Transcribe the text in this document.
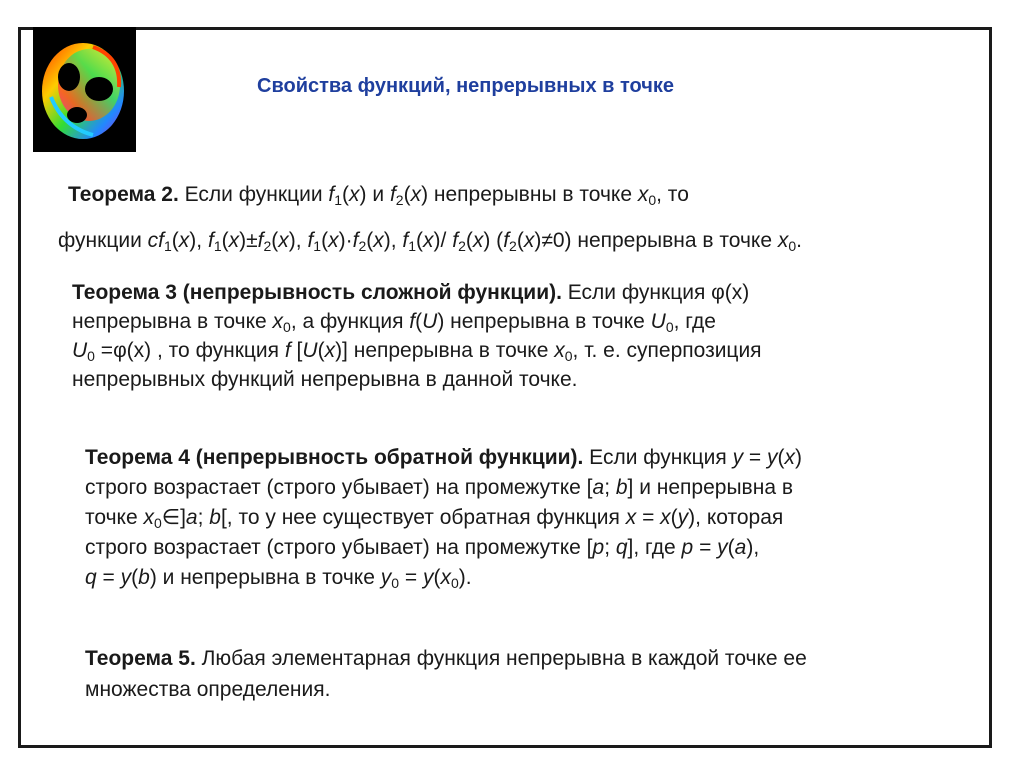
Свойства функций, непрерывных в точке
Теорема 2. Если функции $f_1(x)$ и $f_2(x)$ непрерывны в точке $x_0$, то
функции $cf_1(x)$, $f_1(x)\pm f_2(x)$, $f_1(x)\cdot f_2(x)$, $f_1(x)/$ $f_2(x)$ $(f_2(x)\ne 0)$ непрерывна в точке $x_0$.
Теорема 3 (непрерывность сложной функции). Если функция φ(x)
непрерывна в точке $x_0$, а функция f(U) непрерывна в точке $U_0$, где
$U_0 =\varphi(x)$ , то функция f [U(x)] непрерывна в точке $x_0$, т. е. суперпозиция
непрерывных функций непрерывна в данной точке.
Теорема 4 (непрерывность обратной функции). Если функция y = y(x)
строго возрастает (строго убывает) на промежутке [a; b] и непрерывна в
точке $x_0\in]a$; b[, то у нее существует обратная функция x = x(y), которая
строго возрастает (строго убывает) на промежутке [p; q], где p = y(a),
q = y(b) и непрерывна в точке $y_0 = y(x_0)$.
Теорема 5. Любая элементарная функция непрерывна в каждой точке ее
множества определения.
